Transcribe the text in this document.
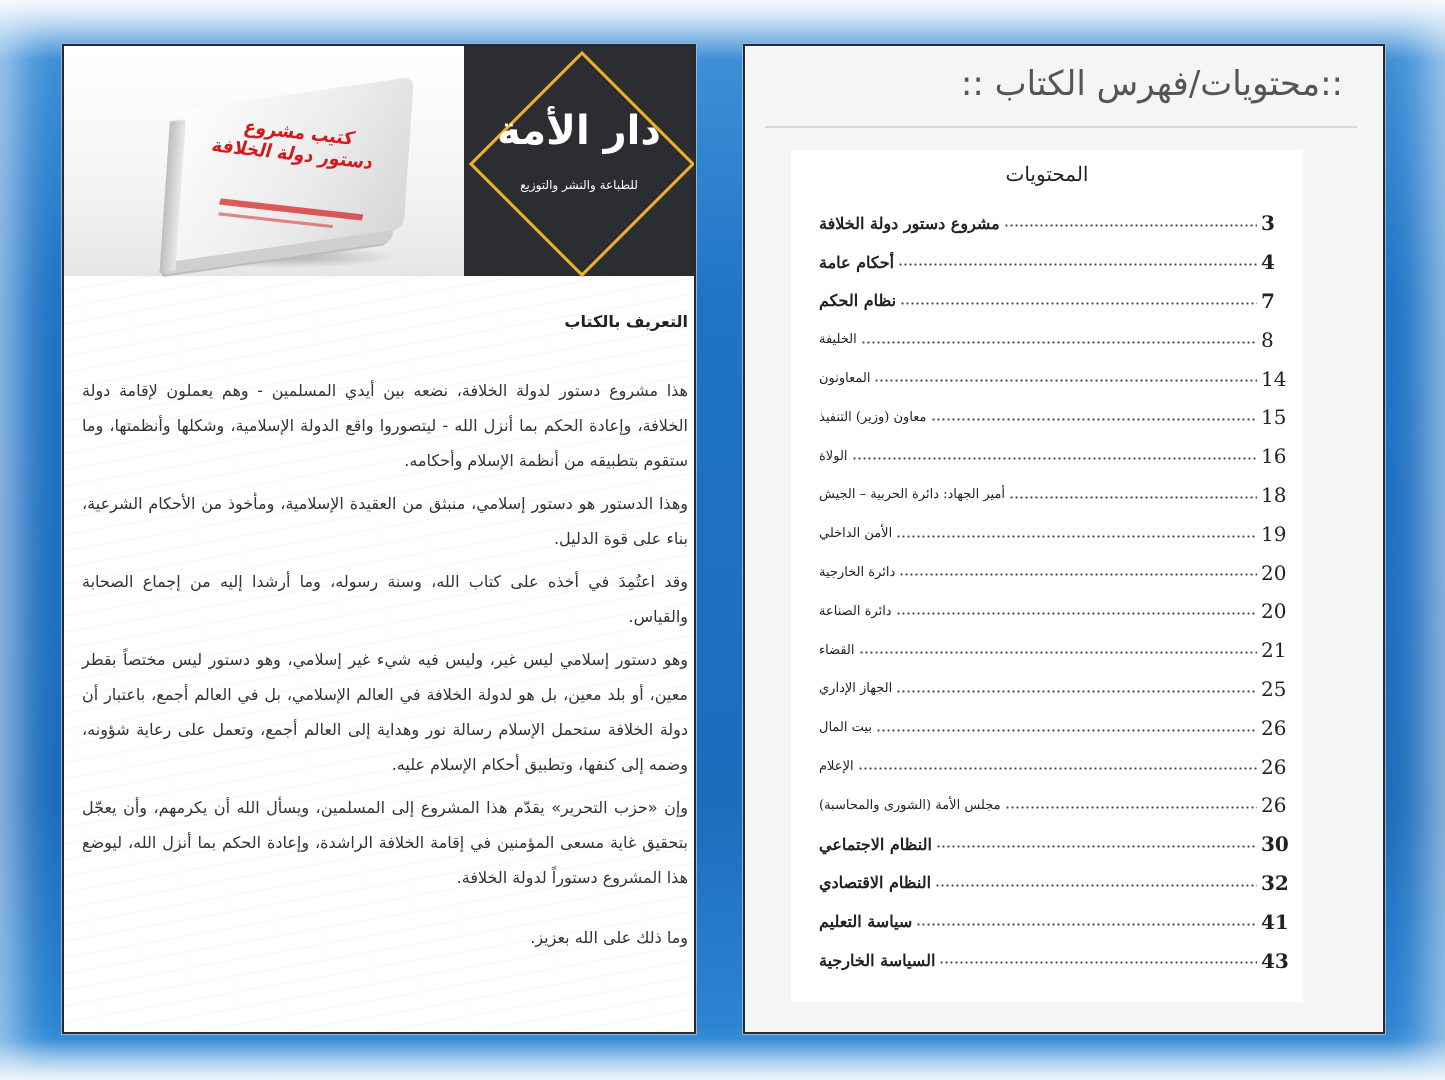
كتيب مشروع دستور دولة الخلافة
دار الأمة
للطباعة والنشر والتوزيع
التعريف بالكتاب

هذا مشروع دستور لدولة الخلافة، نضعه بين أيدي المسلمين - وهم يعملون لإقامة دولة الخلافة، وإعادة الحكم بما أنزل الله - ليتصوروا واقع الدولة الإسلامية، وشكلها وأنظمتها، وما ستقوم بتطبيقه من أنظمة الإسلام وأحكامه.

وهذا الدستور هو دستور إسلامي، منبثق من العقيدة الإسلامية، ومأخوذ من الأحكام الشرعية، بناء على قوة الدليل.

وقد اعتُمِدَ في أخذه على كتاب الله، وسنة رسوله، وما أرشدا إليه من إجماع الصحابة والقياس.

وهو دستور إسلامي ليس غير، وليس فيه شيء غير إسلامي، وهو دستور ليس مختصاً بقطر معين، أو بلد معين، بل هو لدولة الخلافة في العالم الإسلامي، بل في العالم أجمع، باعتبار أن دولة الخلافة ستحمل الإسلام رسالة نور وهداية إلى العالم أجمع، وتعمل على رعاية شؤونه، وضمه إلى كنفها، وتطبيق أحكام الإسلام عليه.

وإن «حزب التحرير» يقدّم هذا المشروع إلى المسلمين، ويسأل الله أن يكرمهم، وأن يعجّل بتحقيق غاية مسعى المؤمنين في إقامة الخلافة الراشدة، وإعادة الحكم بما أنزل الله، ليوضع هذا المشروع دستوراً لدولة الخلافة.

وما ذلك على الله بعزيز.
::محتويات/فهرس الكتاب ::
المحتويات
مشروع دستور دولة الخلافة	3
أحكام عامة	4
نظام الحكم	7
الخليفة	8
المعاونون	14
معاون (وزير) التنفيذ	15
الولاة	16
أمير الجهاد: دائرة الحربية – الجيش	18
الأمن الداخلي	19
دائرة الخارجية	20
دائرة الصناعة	20
القضاء	21
الجهاز الإداري	25
بيت المال	26
الإعلام	26
مجلس الأمة (الشورى والمحاسبة)	26
النظام الاجتماعي	30
النظام الاقتصادي	32
سياسة التعليم	41
السياسة الخارجية	43
